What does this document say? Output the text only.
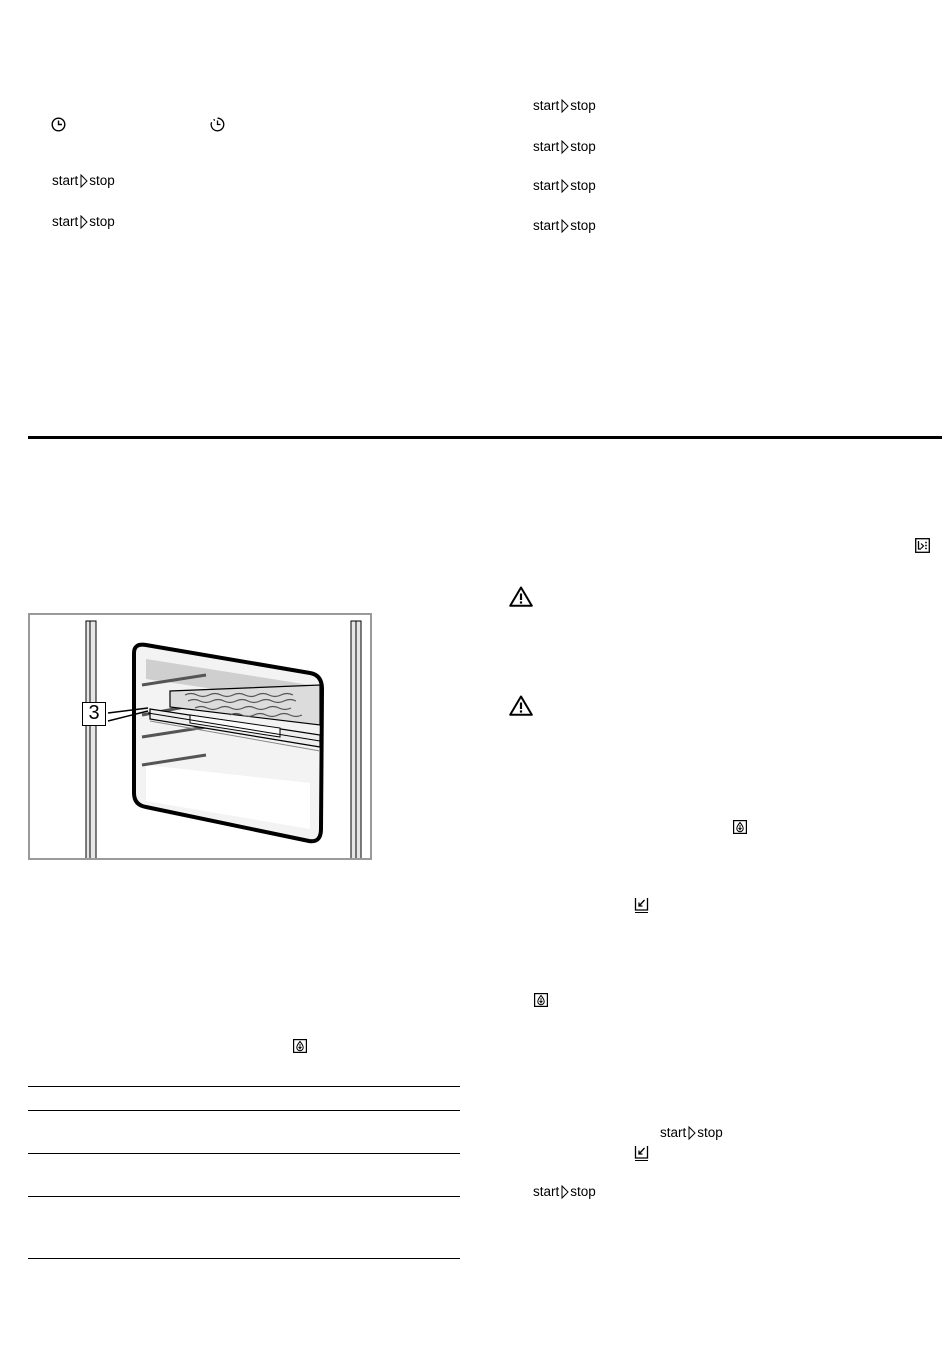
start stop
start stop
start stop
start stop
start stop
start stop
3
start stop
start stop
